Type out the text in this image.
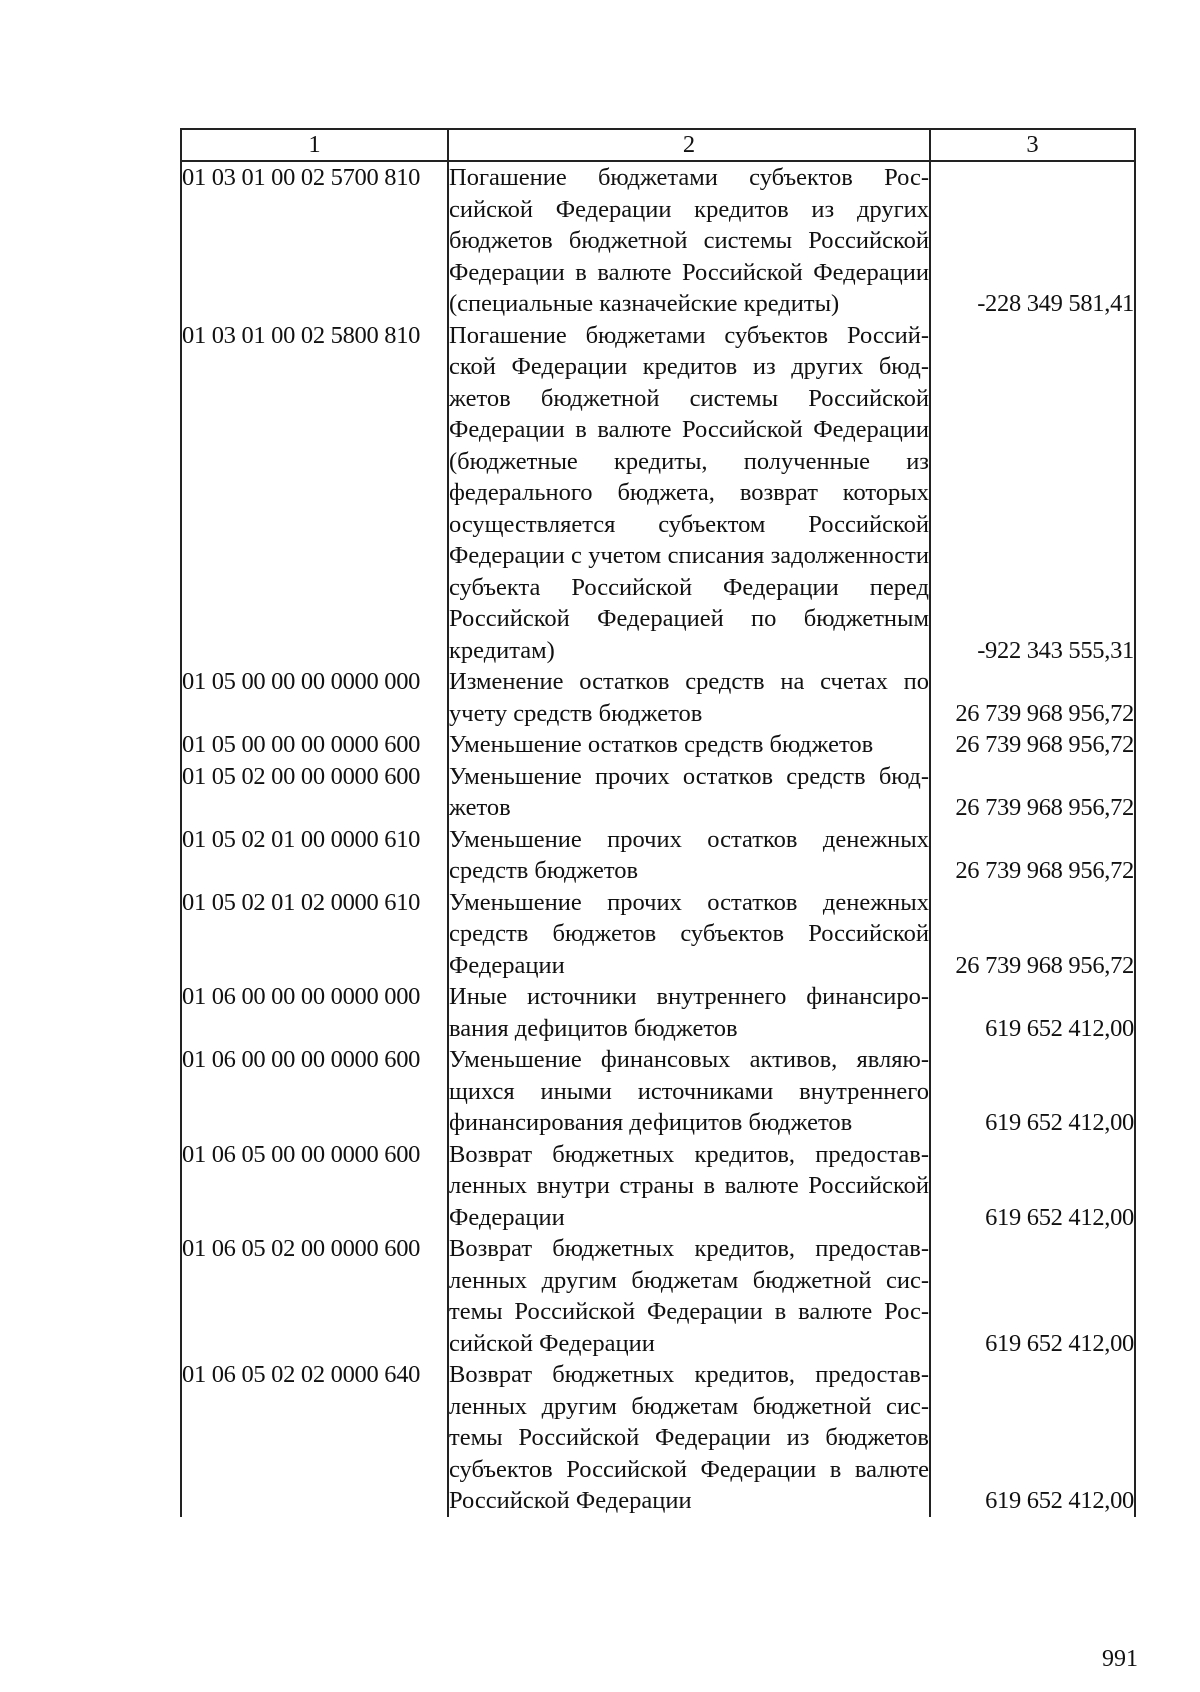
1	2	3
01 03 01 00 02 5700 810	Погашение бюджетами субъектов Российской Федерации кредитов из других бюджетов бюджетной системы Российской Федерации в валюте Российской Федерации (специальные казначейские кредиты)	-228 349 581,41
01 03 01 00 02 5800 810	Погашение бюджетами субъектов Российской Федерации кредитов из других бюджетов бюджетной системы Российской Федерации в валюте Российской Федерации (бюджетные кредиты, полученные из федерального бюджета, возврат которых осуществляется субъектом Российской Федерации с учетом списания задолженности субъекта Российской Федерации перед Российской Федерацией по бюджетным кредитам)	-922 343 555,31
01 05 00 00 00 0000 000	Изменение остатков средств на счетах по учету средств бюджетов	26 739 968 956,72
01 05 00 00 00 0000 600	Уменьшение остатков средств бюджетов	26 739 968 956,72
01 05 02 00 00 0000 600	Уменьшение прочих остатков средств бюджетов	26 739 968 956,72
01 05 02 01 00 0000 610	Уменьшение прочих остатков денежных средств бюджетов	26 739 968 956,72
01 05 02 01 02 0000 610	Уменьшение прочих остатков денежных средств бюджетов субъектов Российской Федерации	26 739 968 956,72
01 06 00 00 00 0000 000	Иные источники внутреннего финансирования дефицитов бюджетов	619 652 412,00
01 06 00 00 00 0000 600	Уменьшение финансовых активов, являющихся иными источниками внутреннего финансирования дефицитов бюджетов	619 652 412,00
01 06 05 00 00 0000 600	Возврат бюджетных кредитов, предоставленных внутри страны в валюте Российской Федерации	619 652 412,00
01 06 05 02 00 0000 600	Возврат бюджетных кредитов, предоставленных другим бюджетам бюджетной системы Российской Федерации в валюте Российской Федерации	619 652 412,00
01 06 05 02 02 0000 640	Возврат бюджетных кредитов, предоставленных другим бюджетам бюджетной системы Российской Федерации из бюджетов субъектов Российской Федерации в валюте Российской Федерации	619 652 412,00
991
